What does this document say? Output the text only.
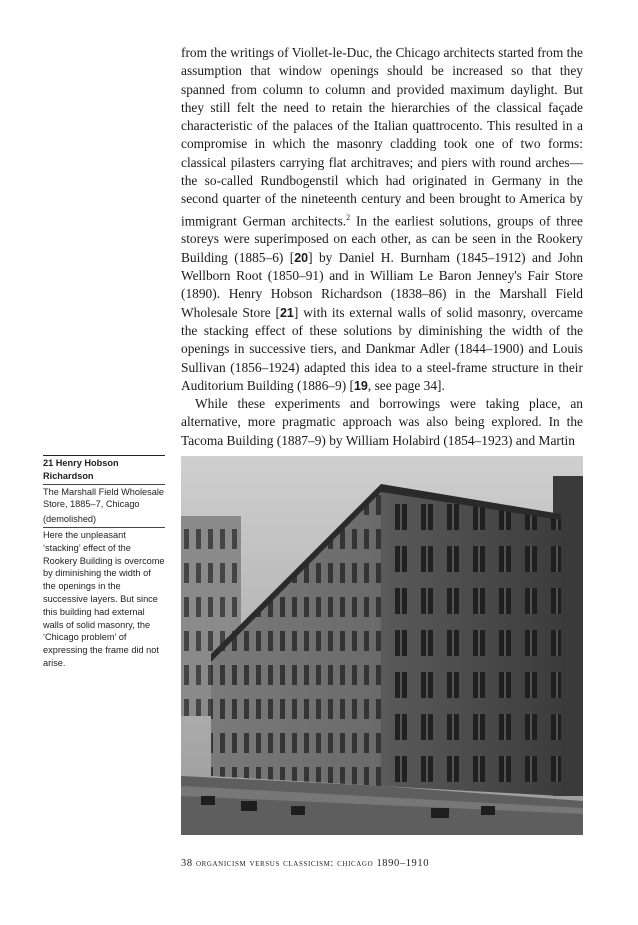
from the writings of Viollet-le-Duc, the Chicago architects started from the assumption that window openings should be increased so that they spanned from column to column and provided maximum daylight. But they still felt the need to retain the hierarchies of the classical façade characteristic of the palaces of the Italian quattrocento. This resulted in a compromise in which the masonry cladding took one of two forms: classical pilasters carrying flat architraves; and piers with round arches—the so-called Rundbogenstil which had originated in Germany in the second quarter of the nineteenth century and been brought to America by immigrant German architects.$^2$ In the earliest solutions, groups of three storeys were superimposed on each other, as can be seen in the Rookery Building (1885–6) [20] by Daniel H. Burnham (1845–1912) and John Wellborn Root (1850–91) and in William Le Baron Jenney's Fair Store (1890). Henry Hobson Richardson (1838–86) in the Marshall Field Wholesale Store [21] with its external walls of solid masonry, overcame the stacking effect of these solutions by diminishing the width of the openings in successive tiers, and Dankmar Adler (1844–1900) and Louis Sullivan (1856–1924) adapted this idea to a steel-frame structure in their Auditorium Building (1886–9) [19, see page 34].

While these experiments and borrowings were taking place, an alternative, more pragmatic approach was also being explored. In the Tacoma Building (1887–9) by William Holabird (1854–1923) and Martin

21 Henry Hobson Richardson
The Marshall Field Wholesale Store, 1885–7, Chicago
(demolished)
Here the unpleasant ‘stacking’ effect of the Rookery Building is overcome by diminishing the width of the openings in the successive layers. But since this building had external walls of solid masonry, the ‘Chicago problem’ of expressing the frame did not arise.
38 organicism versus classicism: chicago 1890–1910
